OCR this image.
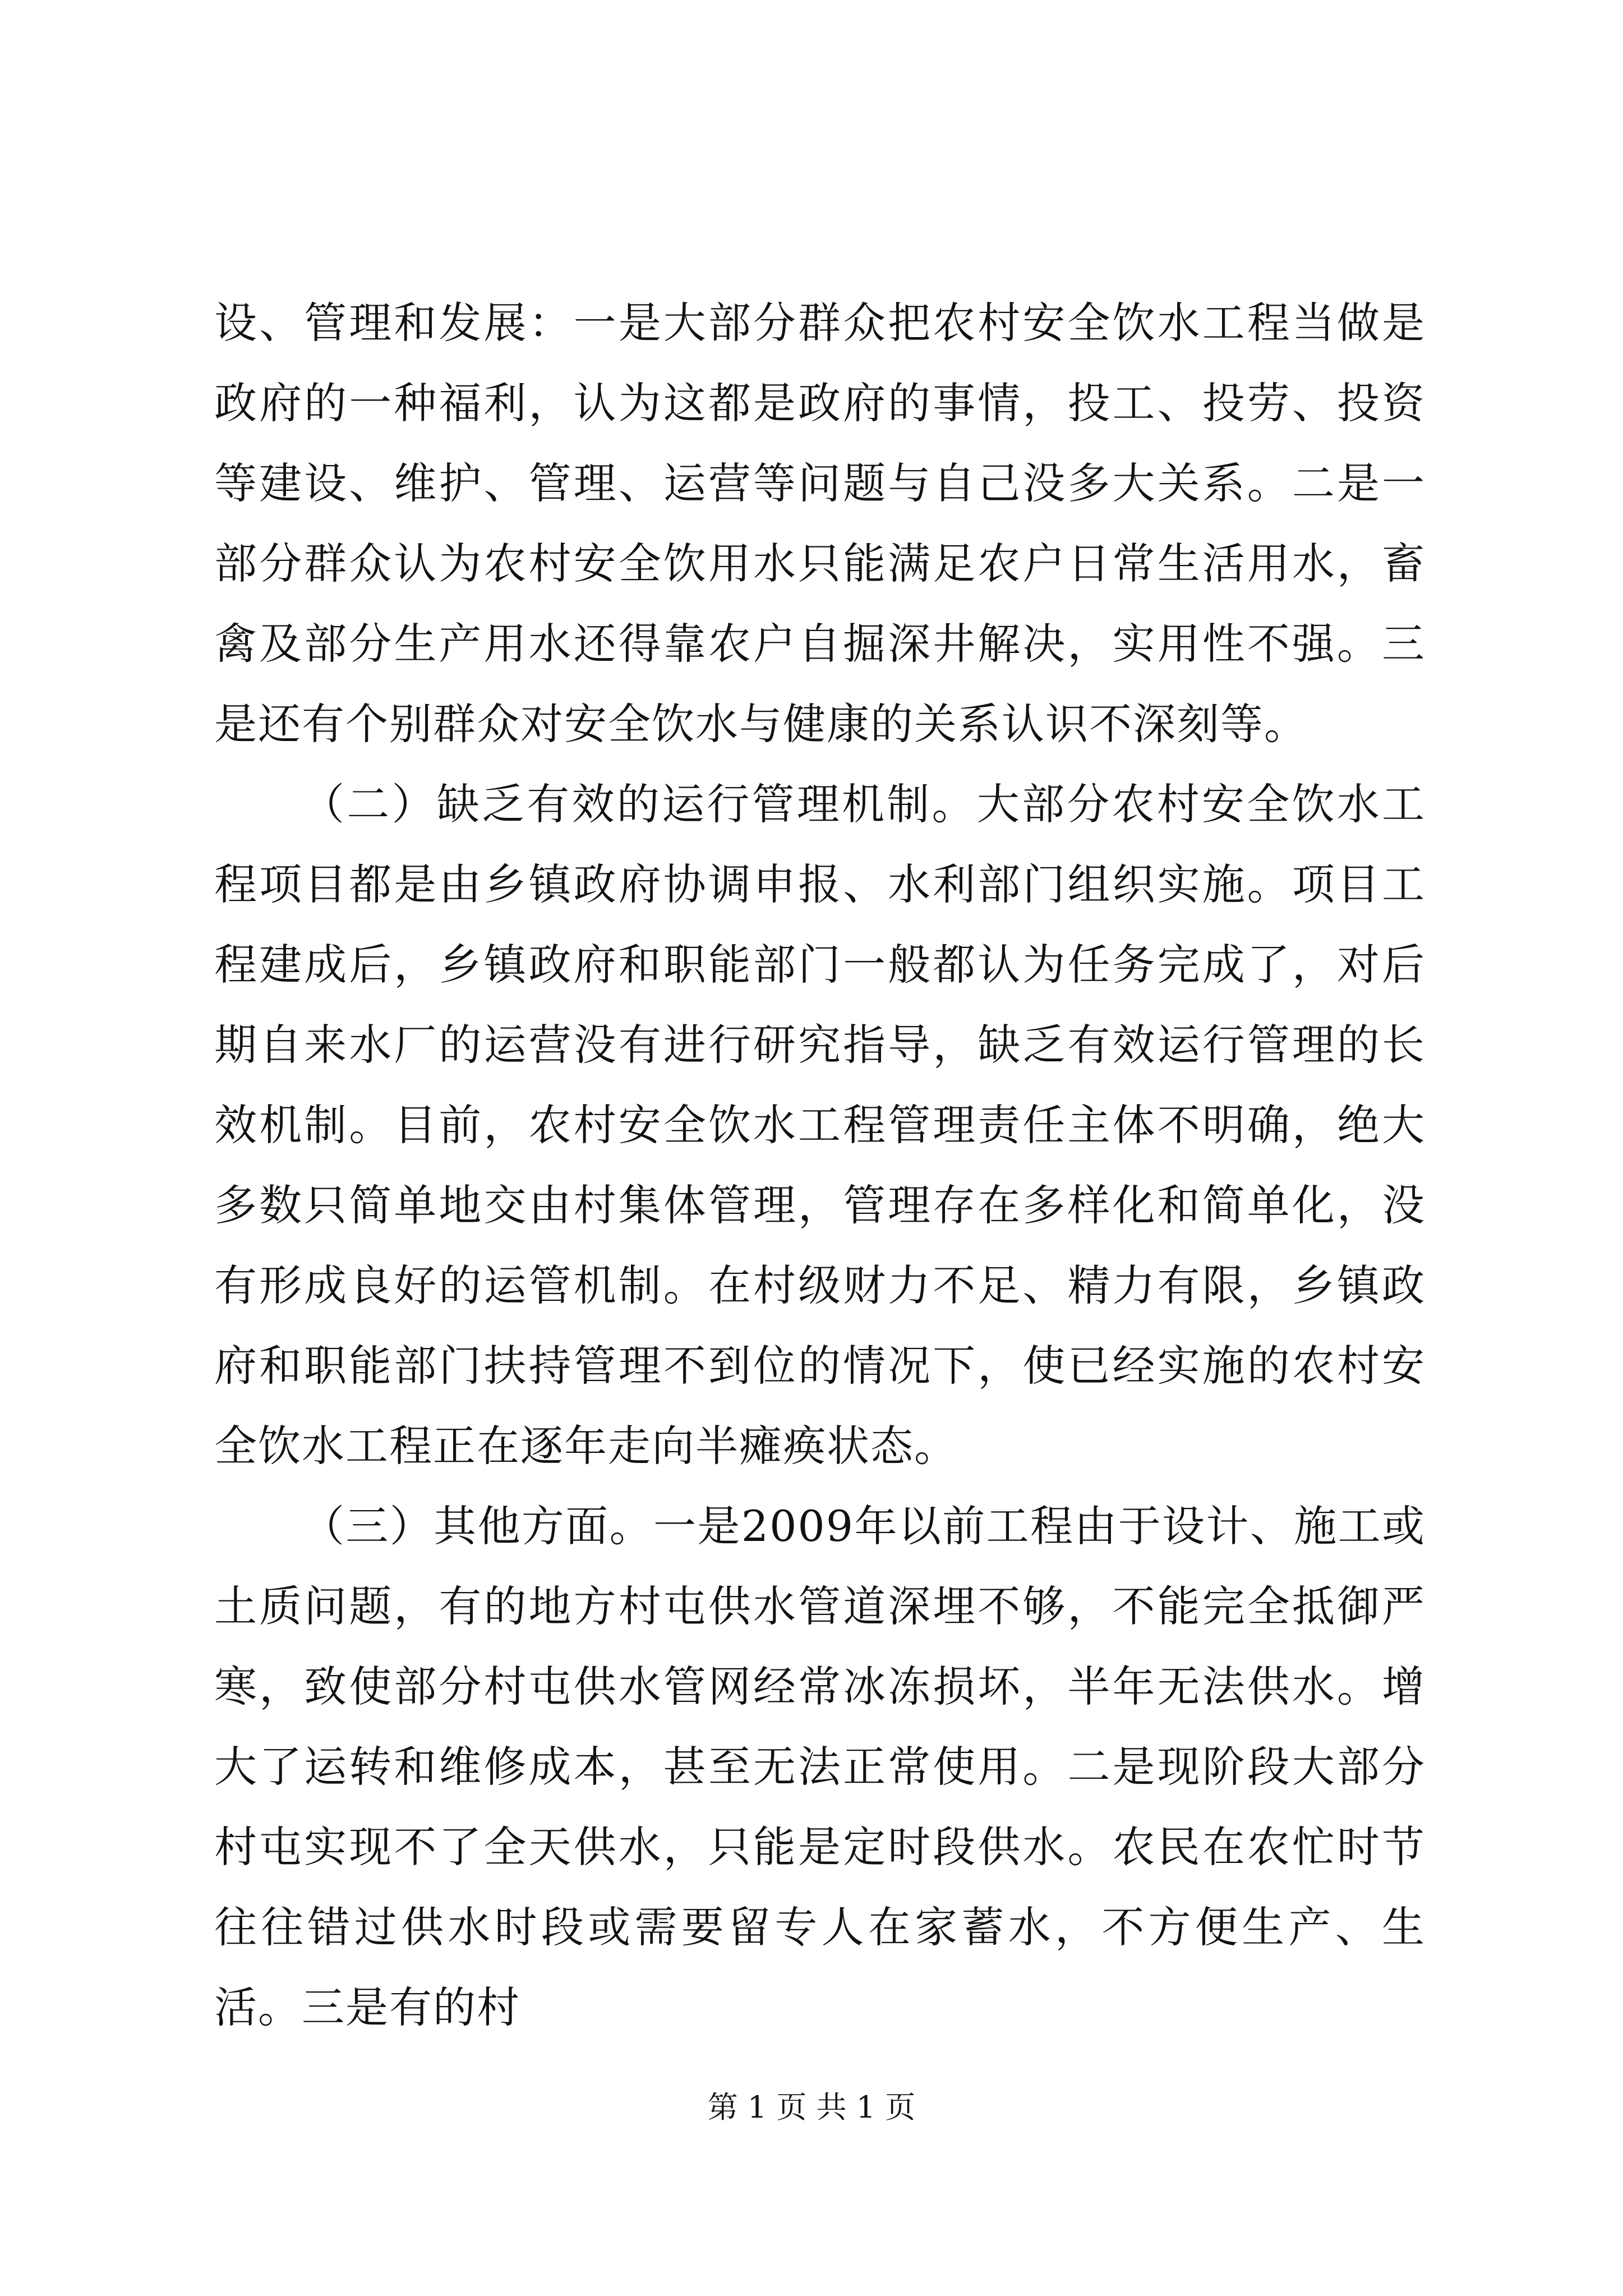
设、管理和发展：一是大部分群众把农村安全饮水工程当做是政府的一种福利，认为这都是政府的事情，投工、投劳、投资等建设、维护、管理、运营等问题与自己没多大关系。二是一部分群众认为农村安全饮用水只能满足农户日常生活用水，畜禽及部分生产用水还得靠农户自掘深井解决，实用性不强。三是还有个别群众对安全饮水与健康的关系认识不深刻等。

（二）缺乏有效的运行管理机制。大部分农村安全饮水工程项目都是由乡镇政府协调申报、水利部门组织实施。项目工程建成后，乡镇政府和职能部门一般都认为任务完成了，对后期自来水厂的运营没有进行研究指导，缺乏有效运行管理的长效机制。目前，农村安全饮水工程管理责任主体不明确，绝大多数只简单地交由村集体管理，管理存在多样化和简单化，没有形成良好的运管机制。在村级财力不足、精力有限，乡镇政府和职能部门扶持管理不到位的情况下，使已经实施的农村安全饮水工程正在逐年走向半瘫痪状态。

（三）其他方面。一是2009年以前工程由于设计、施工或土质问题，有的地方村屯供水管道深埋不够，不能完全抵御严寒，致使部分村屯供水管网经常冰冻损坏，半年无法供水。增大了运转和维修成本，甚至无法正常使用。二是现阶段大部分村屯实现不了全天供水，只能是定时段供水。农民在农忙时节往往错过供水时段或需要留专人在家蓄水，不方便生产、生活。三是有的村

第 1 页 共 1 页
